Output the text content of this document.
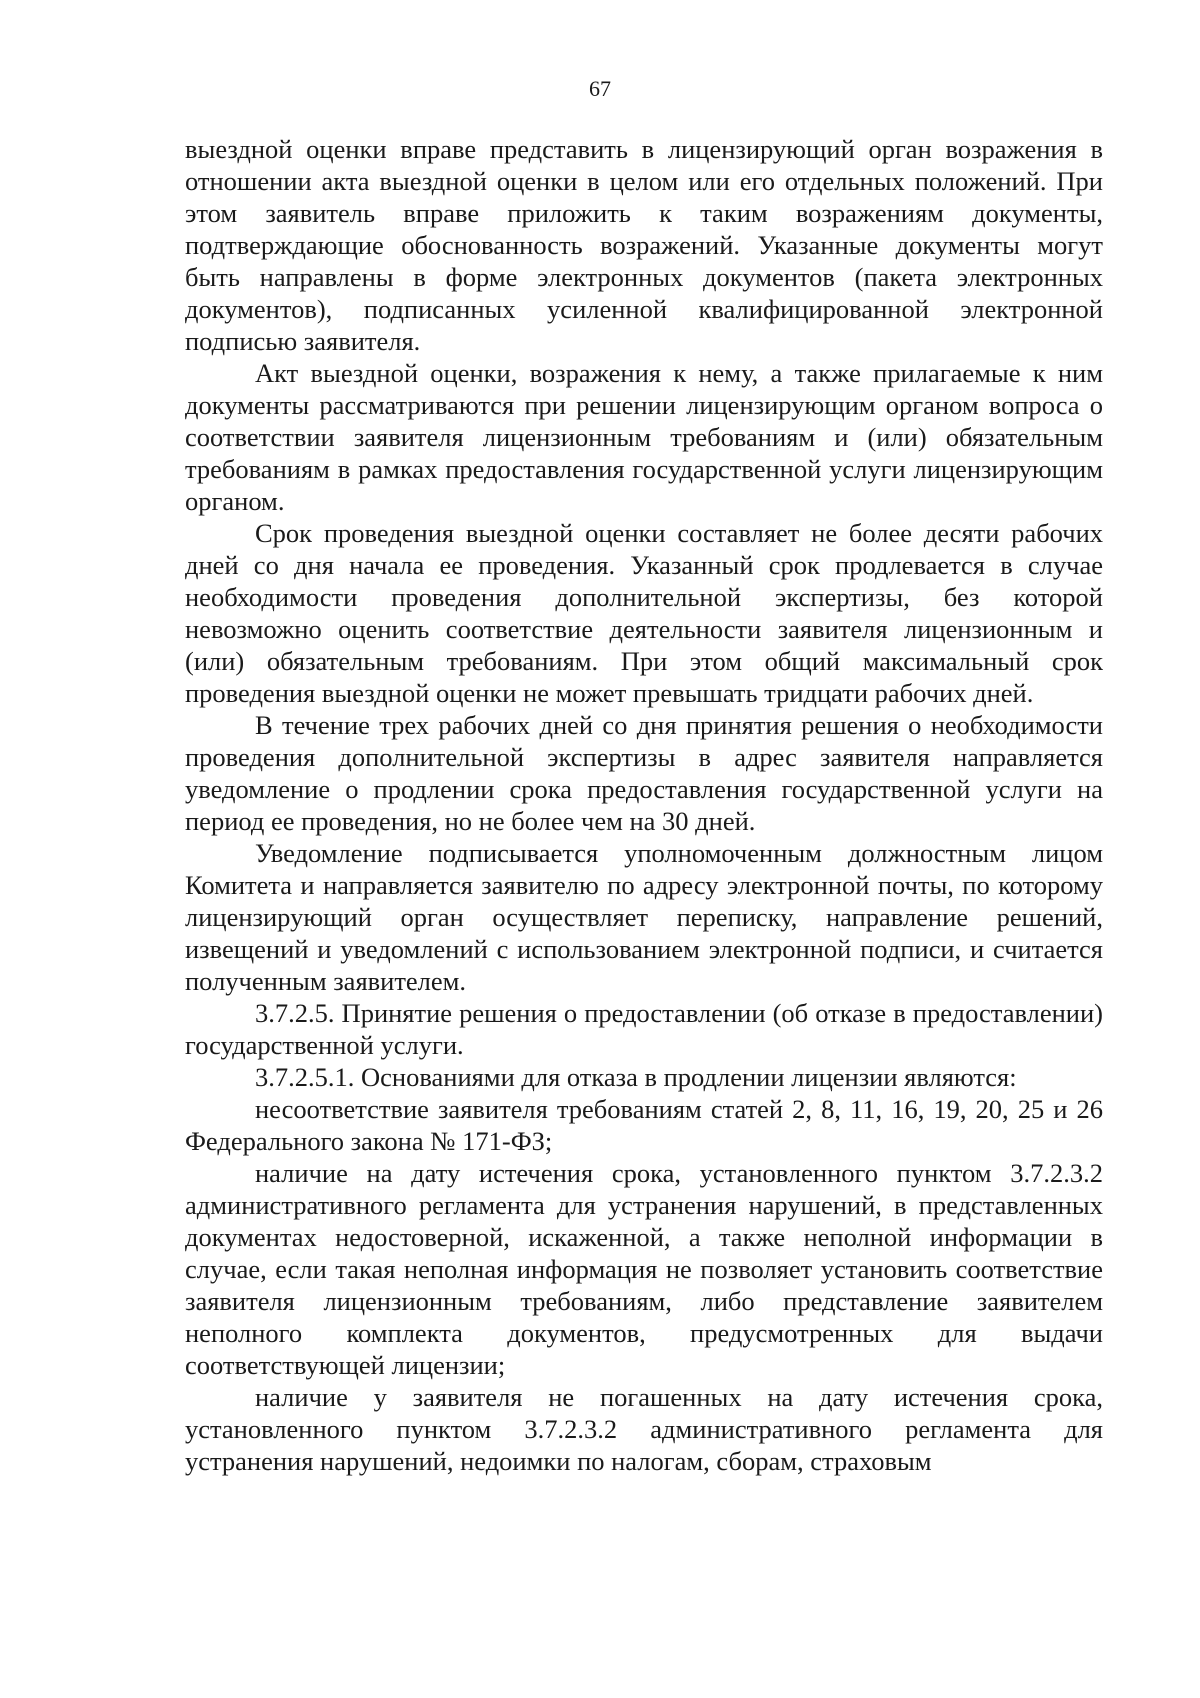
67

выездной оценки вправе представить в лицензирующий орган возражения в отношении акта выездной оценки в целом или его отдельных положений. При этом заявитель вправе приложить к таким возражениям документы, подтверждающие обоснованность возражений. Указанные документы могут быть направлены в форме электронных документов (пакета электронных документов), подписанных усиленной квалифицированной электронной подписью заявителя.

Акт выездной оценки, возражения к нему, а также прилагаемые к ним документы рассматриваются при решении лицензирующим органом вопроса о соответствии заявителя лицензионным требованиям и (или) обязательным требованиям в рамках предоставления государственной услуги лицензирующим органом.

Срок проведения выездной оценки составляет не более десяти рабочих дней со дня начала ее проведения. Указанный срок продлевается в случае необходимости проведения дополнительной экспертизы, без которой невозможно оценить соответствие деятельности заявителя лицензионным и (или) обязательным требованиям. При этом общий максимальный срок проведения выездной оценки не может превышать тридцати рабочих дней.

В течение трех рабочих дней со дня принятия решения о необходимости проведения дополнительной экспертизы в адрес заявителя направляется уведомление о продлении срока предоставления государственной услуги на период ее проведения, но не более чем на 30 дней.

Уведомление подписывается уполномоченным должностным лицом Комитета и направляется заявителю по адресу электронной почты, по которому лицензирующий орган осуществляет переписку, направление решений, извещений и уведомлений с использованием электронной подписи, и считается полученным заявителем.

3.7.2.5. Принятие решения о предоставлении (об отказе в предоставлении) государственной услуги.

3.7.2.5.1. Основаниями для отказа в продлении лицензии являются:

несоответствие заявителя требованиям статей 2, 8, 11, 16, 19, 20, 25 и 26 Федерального закона № 171-ФЗ;

наличие на дату истечения срока, установленного пунктом 3.7.2.3.2 административного регламента для устранения нарушений, в представленных документах недостоверной, искаженной, а также неполной информации в случае, если такая неполная информация не позволяет установить соответствие заявителя лицензионным требованиям, либо представление заявителем неполного комплекта документов, предусмотренных для выдачи соответствующей лицензии;

наличие у заявителя не погашенных на дату истечения срока, установленного пунктом 3.7.2.3.2 административного регламента для устранения нарушений, недоимки по налогам, сборам, страховым
